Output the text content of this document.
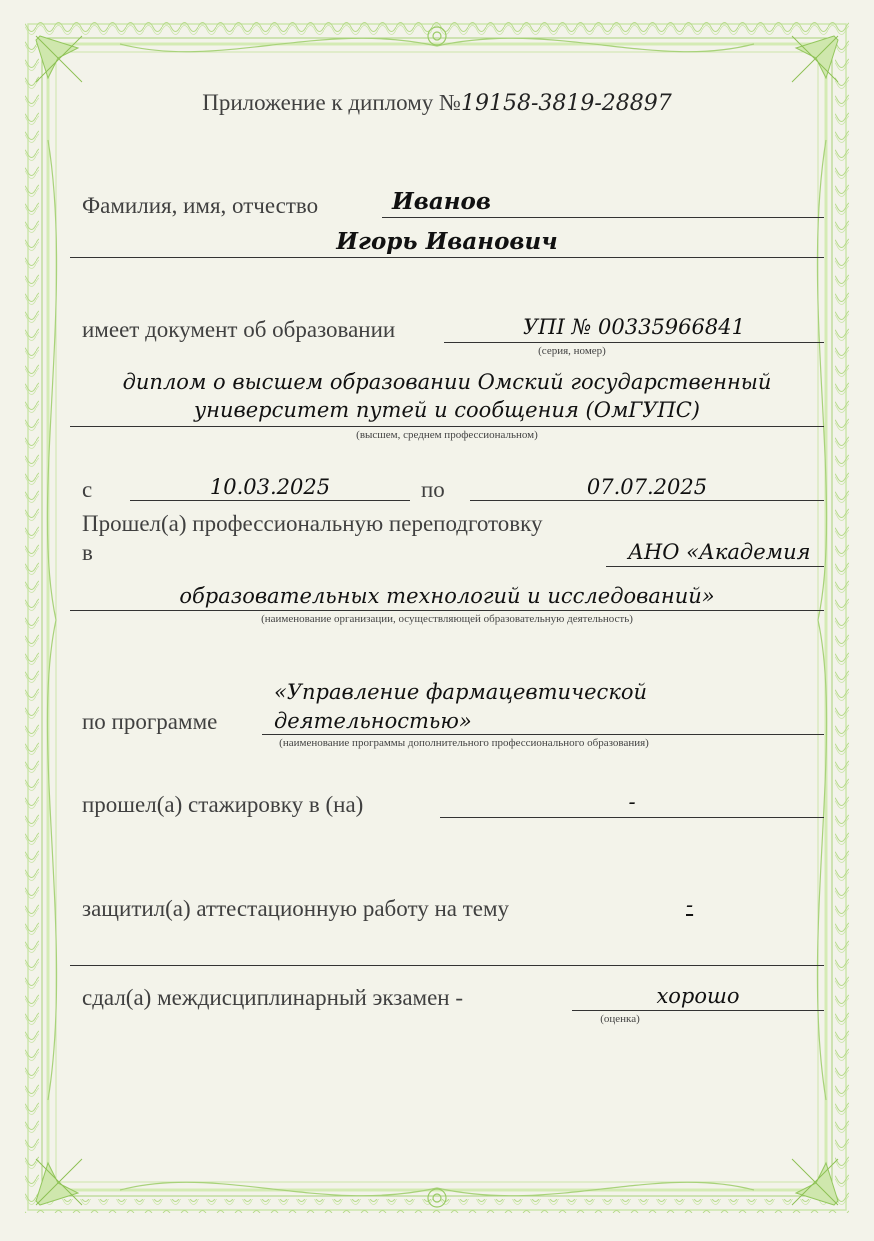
Приложение к диплому №19158-3819-28897
Фамилия, имя, отчество	Иванов
Игорь Иванович
имеет документ об образовании	УПI № 00335966841
(серия, номер)
диплом о высшем образовании Омский государственный
университет путей и сообщения (ОмГУПС)
(высшем, среднем профессиональном)
с	10.03.2025	по	07.07.2025
Прошел(а) профессиональную переподготовку
в	АНО «Академия
образовательных технологий и исследований»
(наименование организации, осуществляющей образовательную деятельность)
«Управление фармацевтической
по программе	деятельностью»
(наименование программы дополнительного профессионального образования)
прошел(а) стажировку в (на)	-
защитил(а) аттестационную работу на тему	-
сдал(а) междисциплинарный экзамен -	хорошо
(оценка)
